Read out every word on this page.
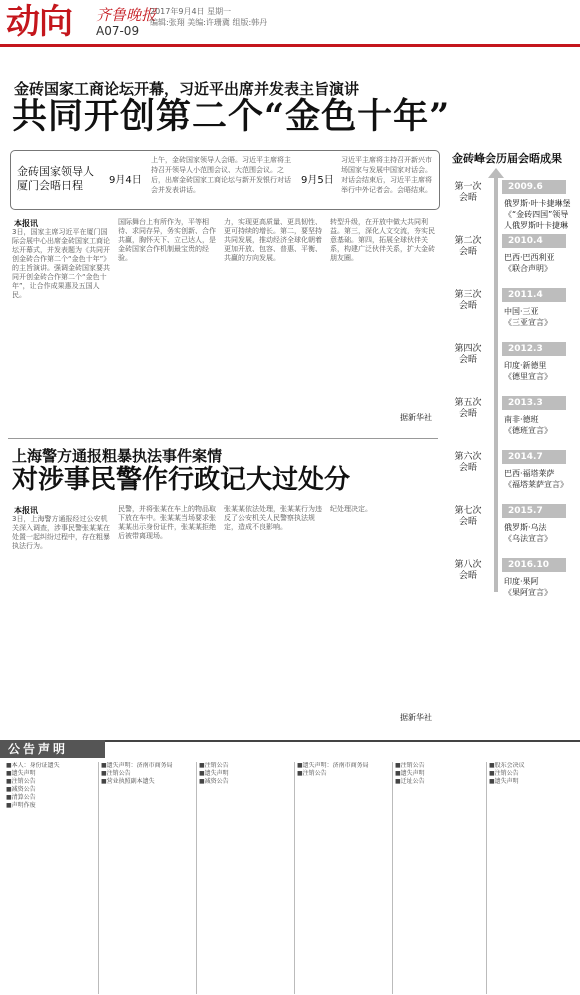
动向 齐鲁晚报
A07-09
2017年9月4日 星期一
编辑:张翔 美编:许珊冀 组版:韩丹
金砖国家工商论坛开幕，习近平出席并发表主旨演讲
共同开创第二个“金色十年”
金砖国家领导人
厦门会晤日程	9月4日
上午，金砖国家领导人会晤。习近平主席将主持召开领导人小范围会议、大范围会议。之后，出席金砖国家工商论坛与新开发银行对话会并发表讲话。
9月5日
习近平主席将主持召开新兴市场国家与发展中国家对话会。对话会结束后，习近平主席将举行中外记者会。会晤结束。
本报讯
3日，国家主席习近平在厦门国际会展中心出席金砖国家工商论坛开幕式，并发表题为《共同开创金砖合作第二个“金色十年”》的主旨演讲。强调金砖国家要共同开创金砖合作第二个“金色十年”，让合作成果惠及五国人民。
国际舞台上有所作为，平等相待、求同存异，务实创新、合作共赢，胸怀天下、立己达人，是金砖国家合作机制最宝贵的经验。
力，实现更高质量、更具韧性、更可持续的增长。第二，要坚持共同发展，推动经济全球化朝着更加开放、包容、普惠、平衡、共赢的方向发展。
转型升级，在开放中做大共同利益。第三，深化人文交流，夯实民意基础。第四，拓展全球伙伴关系，构建广泛伙伴关系，扩大金砖朋友圈。
据新华社
金砖峰会历届会晤成果
第一次
会晤
2009.6
俄罗斯·叶卡捷琳堡
《“金砖四国”领导人俄罗斯叶卡捷琳
第二次
会晤
2010.4
巴西·巴西利亚
《联合声明》
第三次
会晤
2011.4
中国·三亚
《三亚宣言》
第四次
会晤
2012.3
印度·新德里
《德里宣言》
第五次
会晤
2013.3
南非·德班
《德班宣言》
第六次
会晤
2014.7
巴西·福塔莱萨
《福塔莱萨宣言》
第七次
会晤
2015.7
俄罗斯·乌法
《乌法宣言》
第八次
会晤
2016.10
印度·果阿
《果阿宣言》
上海警方通报粗暴执法事件案情
对涉事民警作行政记大过处分
本报讯
3日，上海警方通报经过公安机关深入调查，涉事民警张某某在处置一起纠纷过程中，存在粗暴执法行为。
民警，并将张某在车上的物品取下放在车中。张某某当场要求张某某出示身份证件，张某某拒绝后被带离现场。
张某某依法处理，张某某行为违反了公安机关人民警察执法规定，造成不良影响。
纪处理决定。
据新华社
■本人：身份证遗失
■遗失声明
■注销公告
■减资公告
■清算公告
■声明作废
■遗失声明：济南市商务局
■注销公告
■营业执照副本遗失
■注销公告
■遗失声明
■减资公告
■遗失声明：济南市商务局
■注销公告
■注销公告
■遗失声明
■迁址公告
■股东会决议
■注销公告
■遗失声明
公告声明
